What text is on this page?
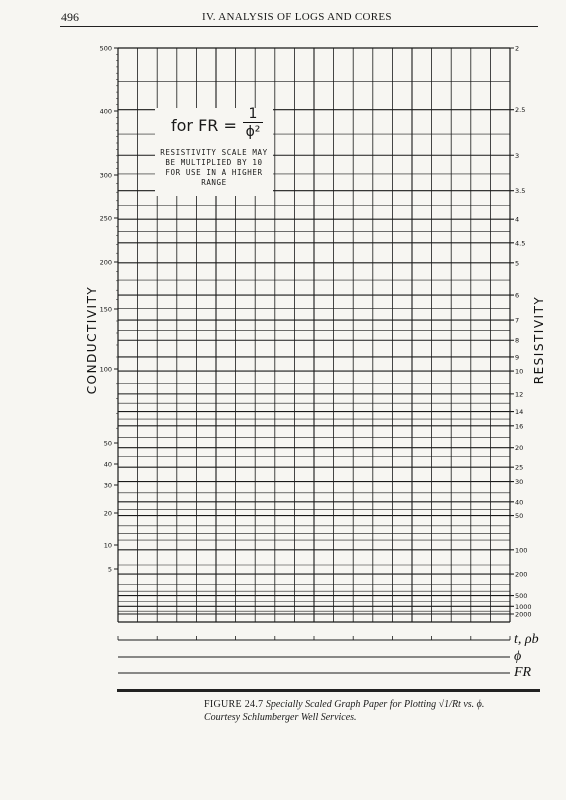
496	IV. ANALYSIS OF LOGS AND CORES
500
400
300
250
200
150
100
50
40
30
20
10
5
2
2.5
3
3.5
4
4.5
5
6
7
8
9
10
12
14
16
20
25
30
40
50
100
200
500
1000
2000
CONDUCTIVITY	RESISTIVITY
t, ρb
ϕ
FR
for FR = $\frac{1}{\text{ϕ²}}$
RESISTIVITY SCALE MAY
BE MULTIPLIED BY 10
FOR USE IN A HIGHER
RANGE
FIGURE 24.7 Specially Scaled Graph Paper for Plotting √1/Rt vs. ϕ.
Courtesy Schlumberger Well Services.
